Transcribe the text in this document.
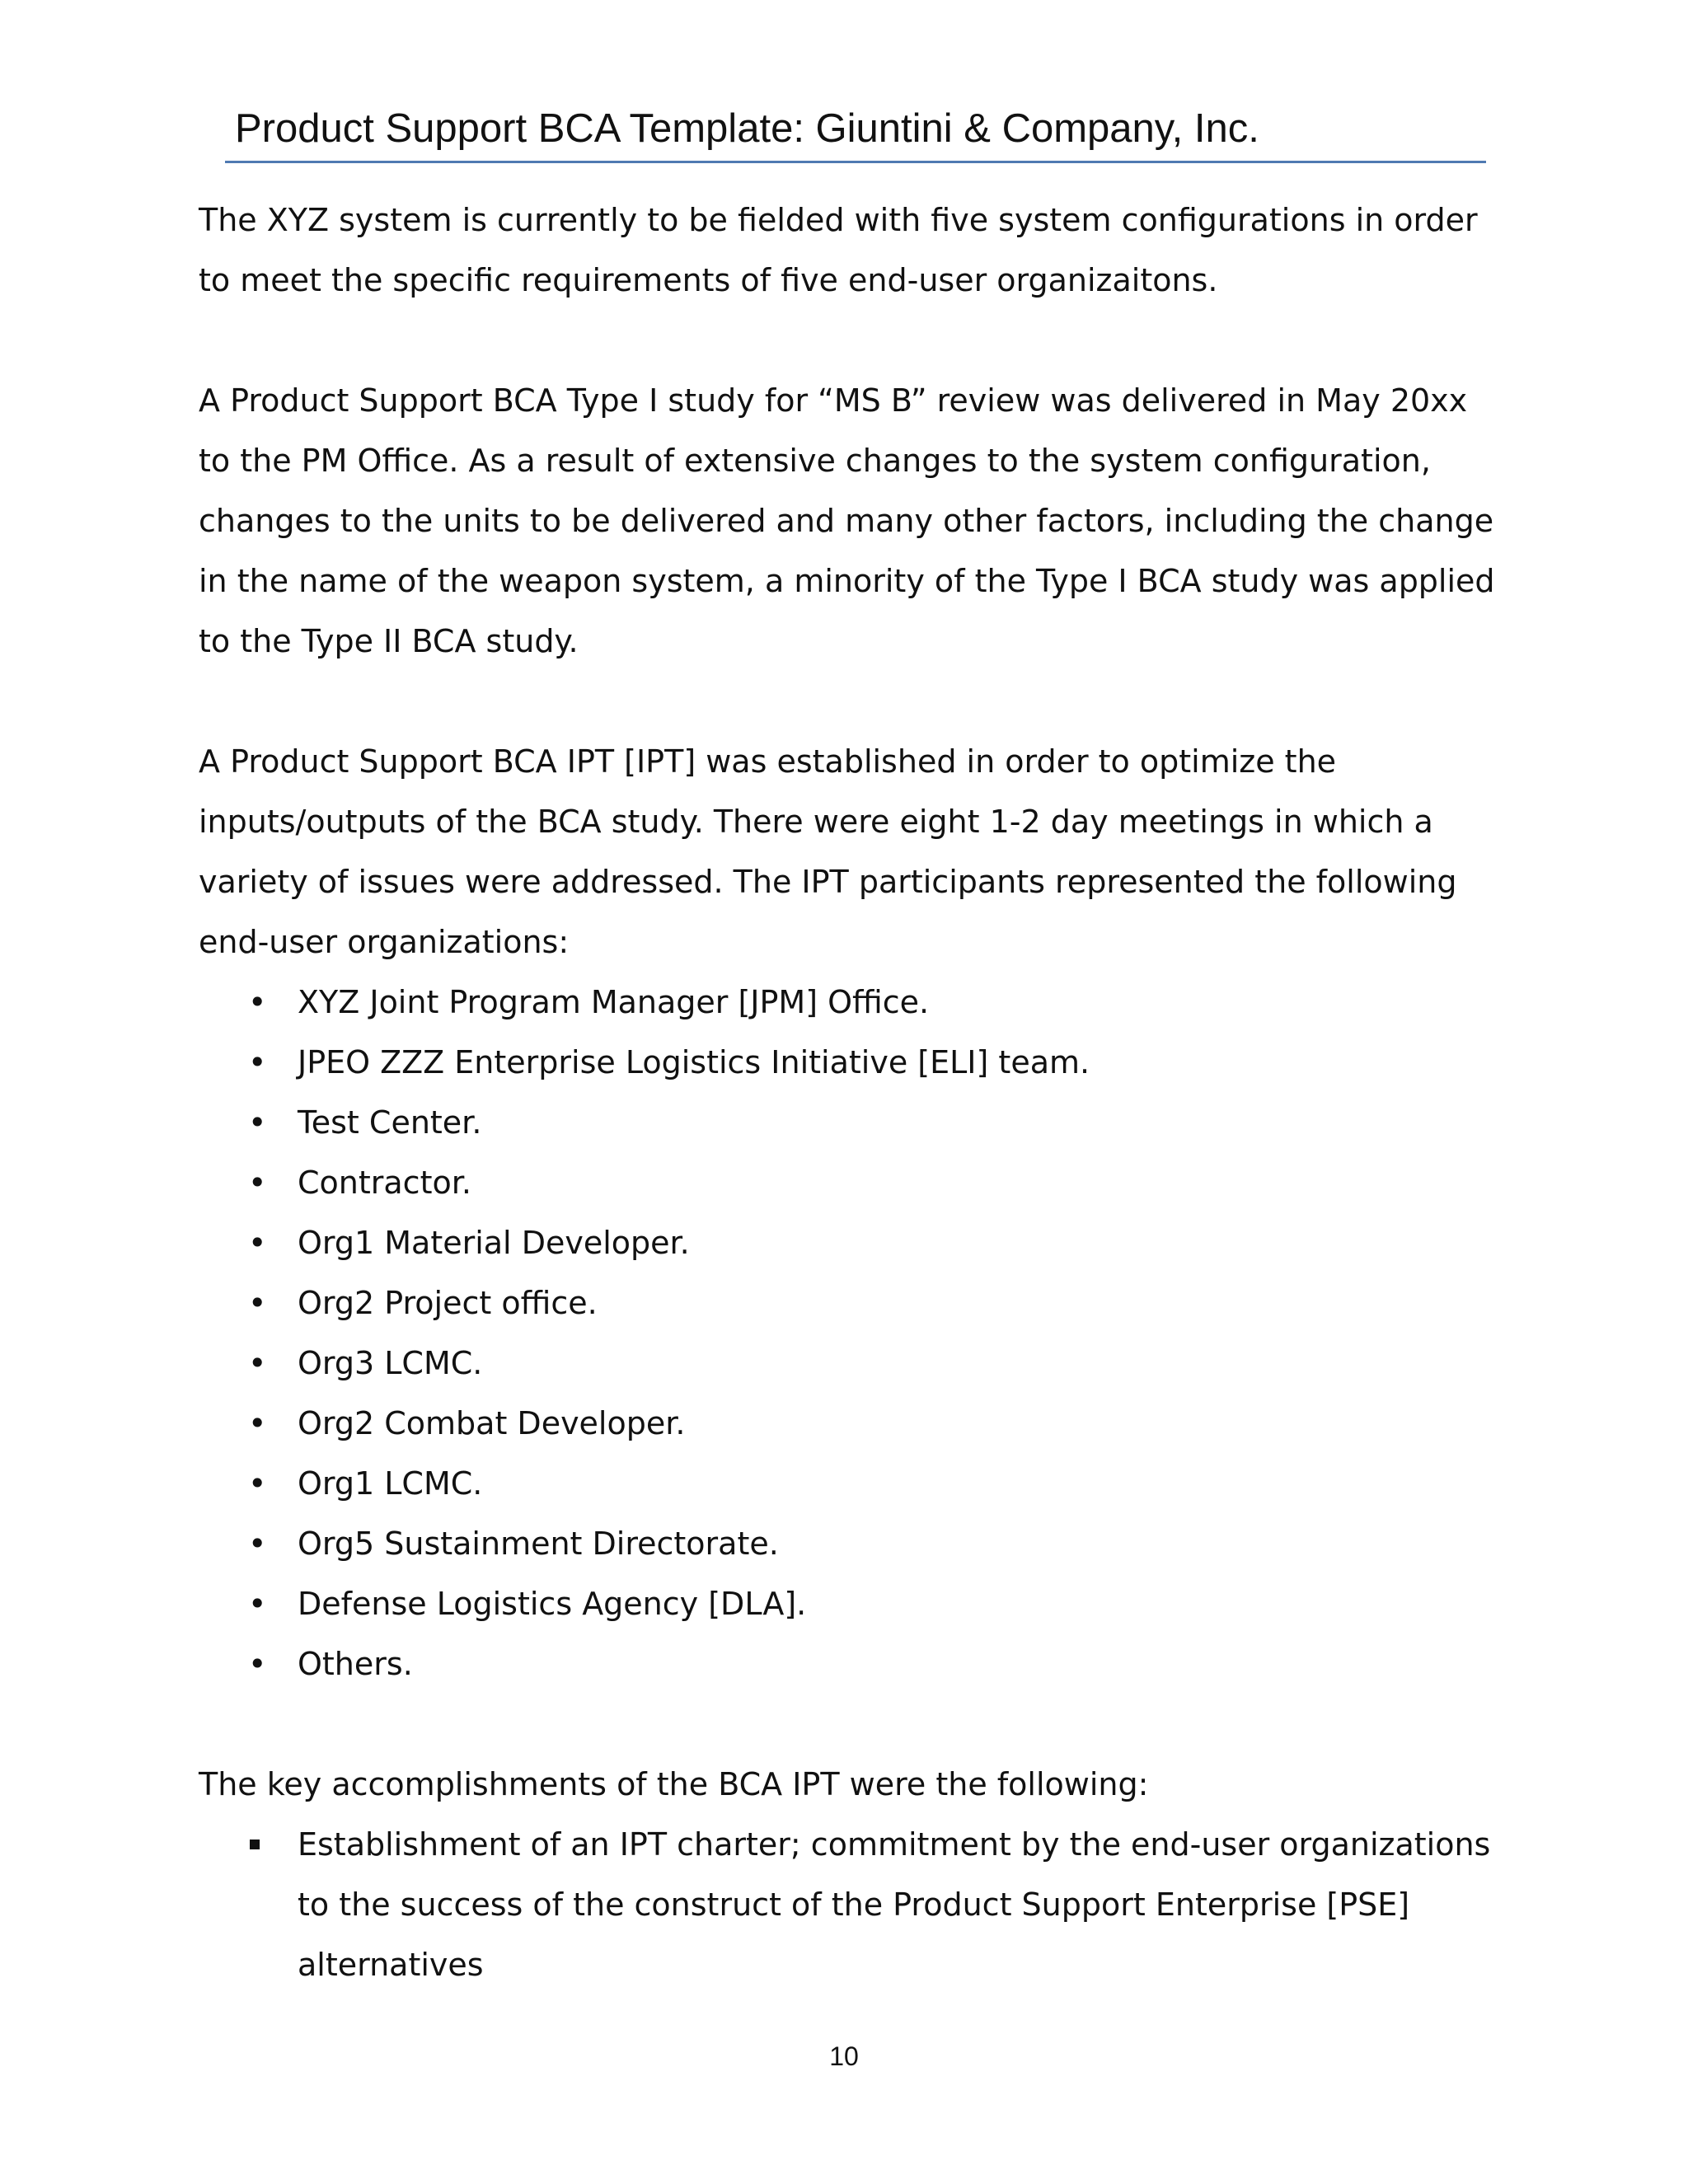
Product Support BCA Template: Giuntini & Company, Inc.

The XYZ system is currently to be fielded with five system configurations in order to meet the specific requirements of five end-user organizaitons.

A Product Support BCA Type I study for “MS B” review was delivered in May 20xx to the PM Office. As a result of extensive changes to the system configuration, changes to the units to be delivered and many other factors, including the change in the name of the weapon system, a minority of the Type I BCA study was applied to the Type II BCA study.

A Product Support BCA IPT [IPT] was established in order to optimize the inputs/outputs of the BCA study. There were eight 1-2 day meetings in which a variety of issues were addressed. The IPT participants represented the following end-user organizations:

• XYZ Joint Program Manager [JPM] Office.
• JPEO ZZZ Enterprise Logistics Initiative [ELI] team.
• Test Center.
• Contractor.
• Org1 Material Developer.
• Org2 Project office.
• Org3 LCMC.
• Org2 Combat Developer.
• Org1 LCMC.
• Org5 Sustainment Directorate.
• Defense Logistics Agency [DLA].
• Others.

The key accomplishments of the BCA IPT were the following:

Establishment of an IPT charter; commitment by the end-user organizations to the success of the construct of the Product Support Enterprise [PSE] alternatives
10
